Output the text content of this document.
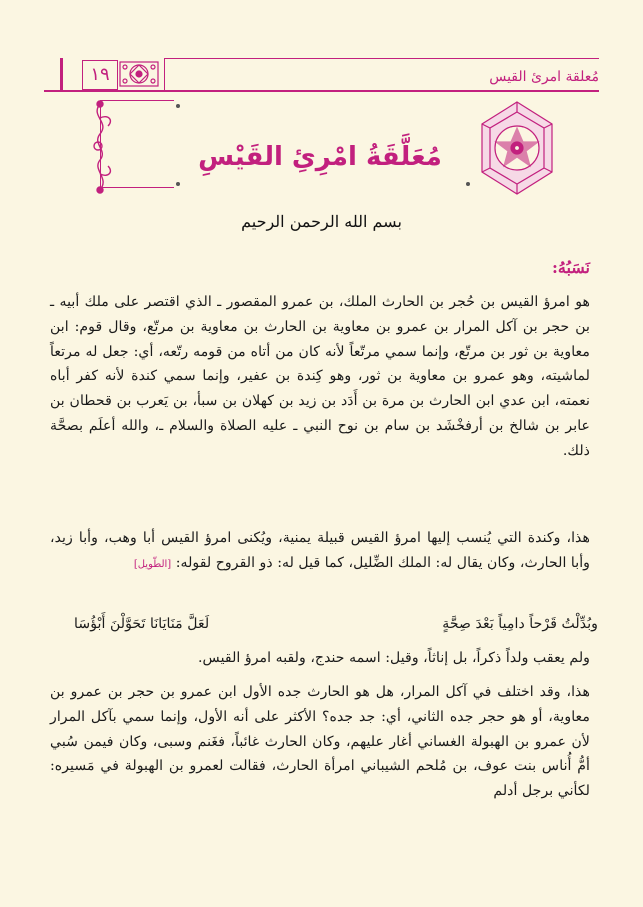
١٩	مُعلقة امرئ القيس
مُعَلَّقَةُ امْرِئِ القَيْسِ
بسم الله الرحمن الرحيم
نَسَبُهُ:
هو امرؤ القيس بن حُجر بن الحارث الملك، بن عمرو المقصور ـ الذي اقتصر على ملك أبيه ـ بن حجر بن آكل المرار بن عمرو بن معاوية بن الحارث بن معاوية بن مرتّع، وقال قوم: ابن معاوية بن ثور بن مرتّع، وإنما سمي مرتّعاً لأنه كان من أتاه من قومه رتّعه، أي: جعل له مرتعاً لماشيته، وهو عمرو بن معاوية بن ثور، وهو كِندة بن عفير، وإنما سمي كندة لأنه كفر أباه نعمته، ابن عدي ابن الحارث بن مرة بن أَدَد بن زيد بن كهلان بن سبأ، بن يَعرب بن قحطان بن عابر بن شالخ بن أرفخْشَد بن سام بن نوح النبي ـ عليه الصلاة والسلام ـ، والله أعلَم بصحَّة ذلك.
هذا، وكندة التي يُنسب إليها امرؤ القيس قبيلة يمنية، ويُكنى امرؤ القيس أبا وهب، وأبا زيد، وأبا الحارث، وكان يقال له: الملك الضِّليل، كما قيل له: ذو القروح لقوله: [الطّويل]
وبُدِّلْتُ قَرْحاً دامِياً بَعْدَ صِحَّةٍ
لَعَلَّ مَنَايَانَا تَحَوَّلْنَ أَبْؤُسَا
ولم يعقب ولداً ذكراً، بل إناثاً، وقيل: اسمه حندج، ولقبه امرؤ القيس.
هذا، وقد اختلف في آكل المرار، هل هو الحارث جده الأول ابن عمرو بن حجر بن عمرو بن معاوية، أو هو حجر جده الثاني، أي: جد جده؟ الأكثر على أنه الأول، وإنما سمي بآكل المرار لأن عمرو بن الهبولة الغساني أغار عليهم، وكان الحارث غائباً، فغَنم وسبى، وكان فيمن سُبي أمُّ أُناس بنت عوف، بن مُلحم الشيباني امرأة الحارث، فقالت لعمرو بن الهبولة في مَسيره: لكأني برجل أدلم
